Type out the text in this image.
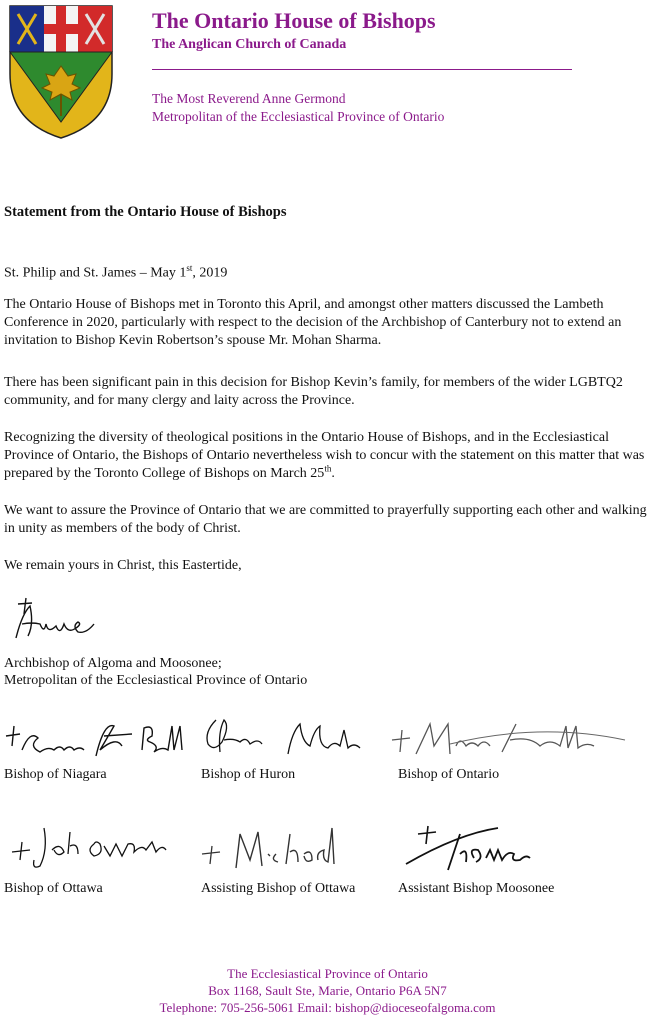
The Ontario House of Bishops
The Anglican Church of Canada
The Most Reverend Anne Germond
Metropolitan of the Ecclesiastical Province of Ontario
Statement from the Ontario House of Bishops
St. Philip and St. James – May 1st, 2019
The Ontario House of Bishops met in Toronto this April, and amongst other matters discussed the Lambeth Conference in 2020, particularly with respect to the decision of the Archbishop of Canterbury not to extend an invitation to Bishop Kevin Robertson’s spouse Mr. Mohan Sharma.
There has been significant pain in this decision for Bishop Kevin’s family, for members of the wider LGBTQ2 community, and for many clergy and laity across the Province.
Recognizing the diversity of theological positions in the Ontario House of Bishops, and in the Ecclesiastical Province of Ontario, the Bishops of Ontario nevertheless wish to concur with the statement on this matter that was prepared by the Toronto College of Bishops on March 25th.
We want to assure the Province of Ontario that we are committed to prayerfully supporting each other and walking in unity as members of the body of Christ.
We remain yours in Christ, this Eastertide,
Archbishop of Algoma and Moosonee;
Metropolitan of the Ecclesiastical Province of Ontario
Bishop of Niagara	Bishop of Huron	Bishop of Ontario
Bishop of Ottawa	Assisting Bishop of Ottawa	Assistant Bishop Moosonee
The Ecclesiastical Province of Ontario
Box 1168, Sault Ste, Marie, Ontario P6A 5N7
Telephone: 705-256-5061 Email: bishop@dioceseofalgoma.com
